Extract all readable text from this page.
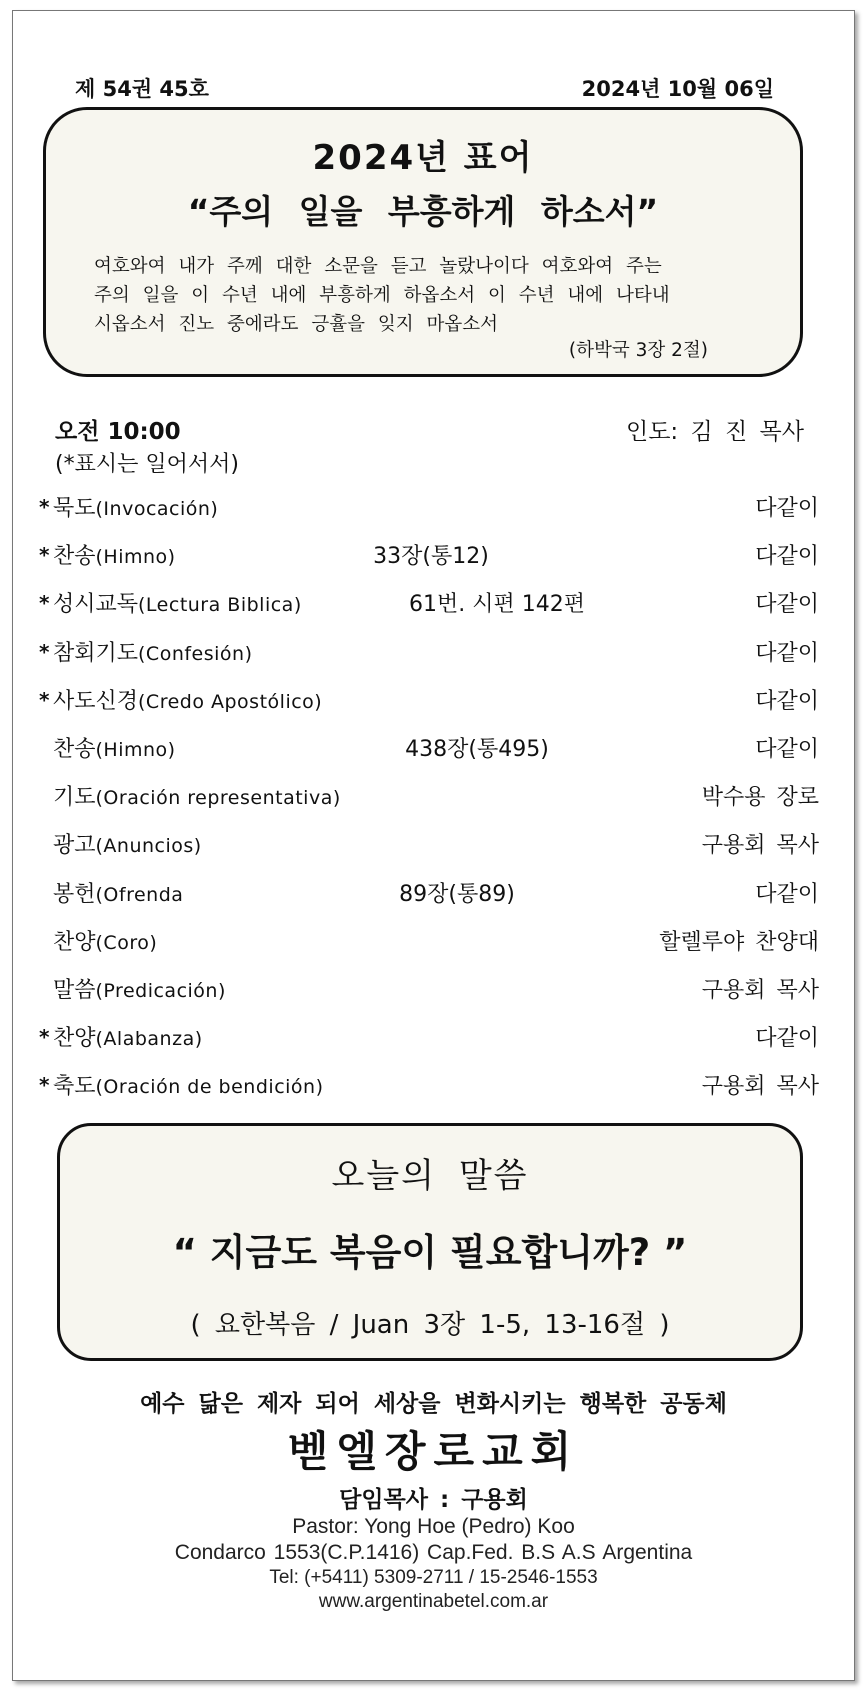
제 54권 45호	2024년 10월 06일
2024년 표어
“주의 일을 부흥하게 하소서”
여호와여 내가 주께 대한 소문을 듣고 놀랐나이다 여호와여 주는
주의 일을 이 수년 내에 부흥하게 하옵소서 이 수년 내에 나타내
시옵소서 진노 중에라도 긍휼을 잊지 마옵소서
(하박국 3장 2절)
오전 10:00
(*표시는 일어서서)
인도: 김 진 목사
* 묵도(Invocación)	다같이
* 찬송(Himno)	33장(통12)	다같이
* 성시교독(Lectura Biblica)	61번. 시편 142편	다같이
* 참회기도(Confesión)	다같이
* 사도신경(Credo Apostólico)	다같이
찬송(Himno)	438장(통495)	다같이
기도(Oración representativa)	박수용 장로
광고(Anuncios)	구용회 목사
봉헌(Ofrenda	89장(통89)	다같이
찬양(Coro)	할렐루야 찬양대
말씀(Predicación)	구용회 목사
* 찬양(Alabanza)	다같이
* 축도(Oración de bendición)	구용회 목사
오늘의 말씀
“ 지금도 복음이 필요합니까? ”
( 요한복음 / Juan 3장 1-5, 13-16절 )
예수 닮은 제자 되어 세상을 변화시키는 행복한 공동체
벧엘장로교회
담임목사 : 구용회
Pastor: Yong Hoe (Pedro) Koo
Condarco 1553(C.P.1416) Cap.Fed. B.S A.S Argentina
Tel: (+5411) 5309-2711 / 15-2546-1553
www.argentinabetel.com.ar
